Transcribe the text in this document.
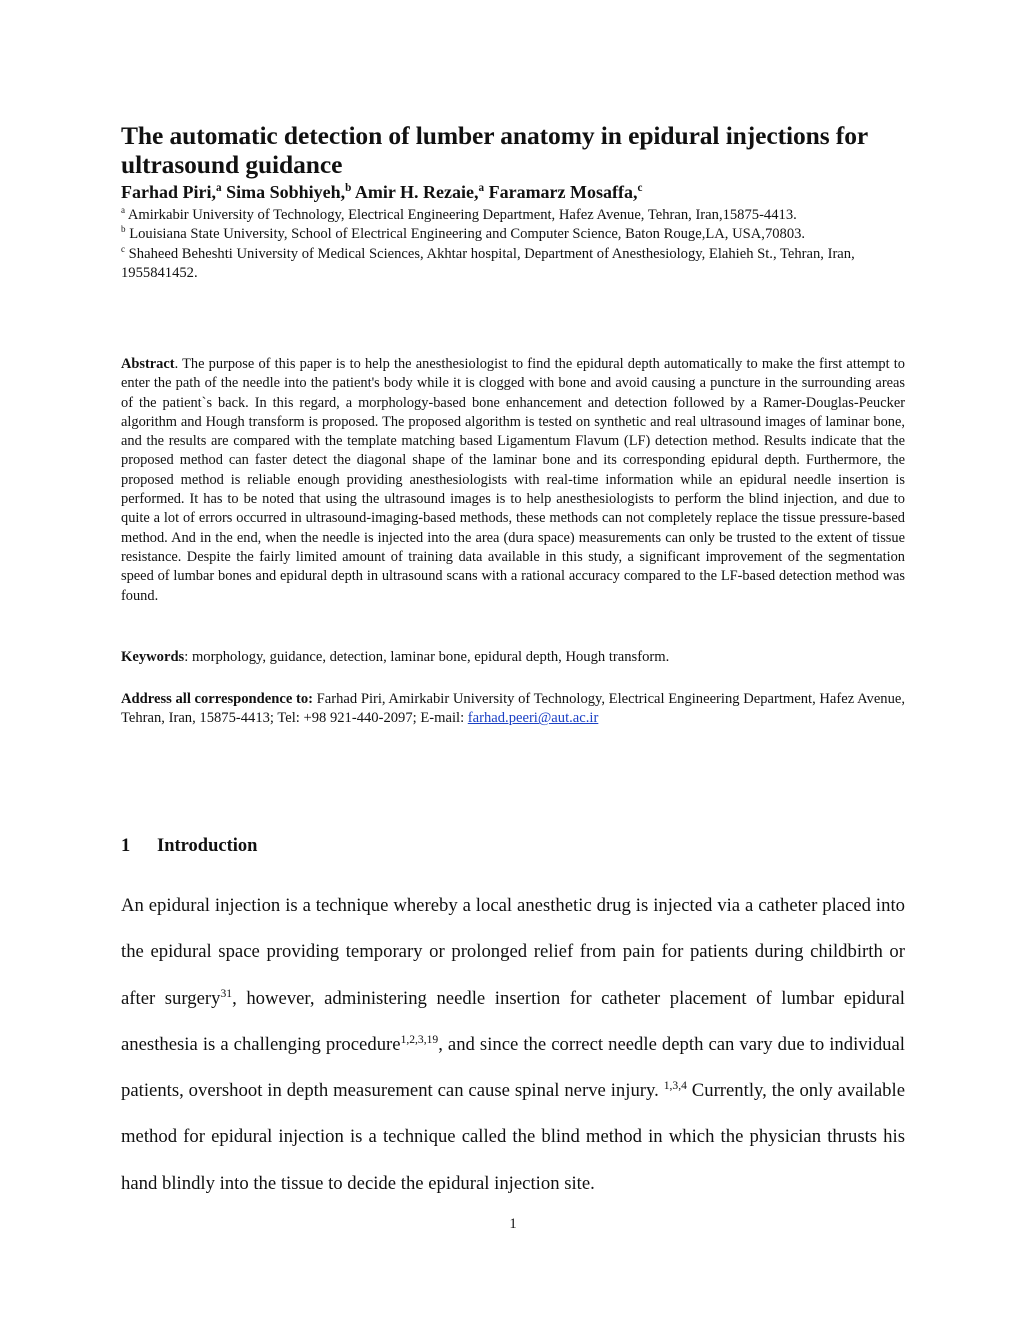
The automatic detection of lumber anatomy in epidural injections for ultrasound guidance
Farhad Piri,$^a$ Sima Sobhiyeh,$^b$ Amir H. Rezaie,$^a$ Faramarz Mosaffa,$^c$

$^a$ Amirkabir University of Technology, Electrical Engineering Department, Hafez Avenue, Tehran, Iran,15875-4413.

$^b$ Louisiana State University, School of Electrical Engineering and Computer Science, Baton Rouge,LA, USA,70803.

$^c$ Shaheed Beheshti University of Medical Sciences, Akhtar hospital, Department of Anesthesiology, Elahieh St., Tehran, Iran, 1955841452.

Abstract. The purpose of this paper is to help the anesthesiologist to find the epidural depth automatically to make the first attempt to enter the path of the needle into the patient's body while it is clogged with bone and avoid causing a puncture in the surrounding areas of the patient`s back. In this regard, a morphology-based bone enhancement and detection followed by a Ramer-Douglas-Peucker algorithm and Hough transform is proposed. The proposed algorithm is tested on synthetic and real ultrasound images of laminar bone, and the results are compared with the template matching based Ligamentum Flavum (LF) detection method. Results indicate that the proposed method can faster detect the diagonal shape of the laminar bone and its corresponding epidural depth. Furthermore, the proposed method is reliable enough providing anesthesiologists with real-time information while an epidural needle insertion is performed. It has to be noted that using the ultrasound images is to help anesthesiologists to perform the blind injection, and due to quite a lot of errors occurred in ultrasound-imaging-based methods, these methods can not completely replace the tissue pressure-based method. And in the end, when the needle is injected into the area (dura space) measurements can only be trusted to the extent of tissue resistance. Despite the fairly limited amount of training data available in this study, a significant improvement of the segmentation speed of lumbar bones and epidural depth in ultrasound scans with a rational accuracy compared to the LF-based detection method was found.

Keywords: morphology, guidance, detection, laminar bone, epidural depth, Hough transform.

Address all correspondence to: Farhad Piri, Amirkabir University of Technology, Electrical Engineering Department, Hafez Avenue, Tehran, Iran, 15875-4413; Tel: +98 921-440-2097; E-mail: farhad.peeri@aut.ac.ir

1 Introduction

An epidural injection is a technique whereby a local anesthetic drug is injected via a catheter placed into the epidural space providing temporary or prolonged relief from pain for patients during childbirth or after surgery$^{31}$, however, administering needle insertion for catheter placement of lumbar epidural anesthesia is a challenging procedure$^{1,2,3,19}$, and since the correct needle depth can vary due to individual patients, overshoot in depth measurement can cause spinal nerve injury. $^{1,3,4}$ Currently, the only available method for epidural injection is a technique called the blind method in which the physician thrusts his hand blindly into the tissue to decide the epidural injection site.

1
